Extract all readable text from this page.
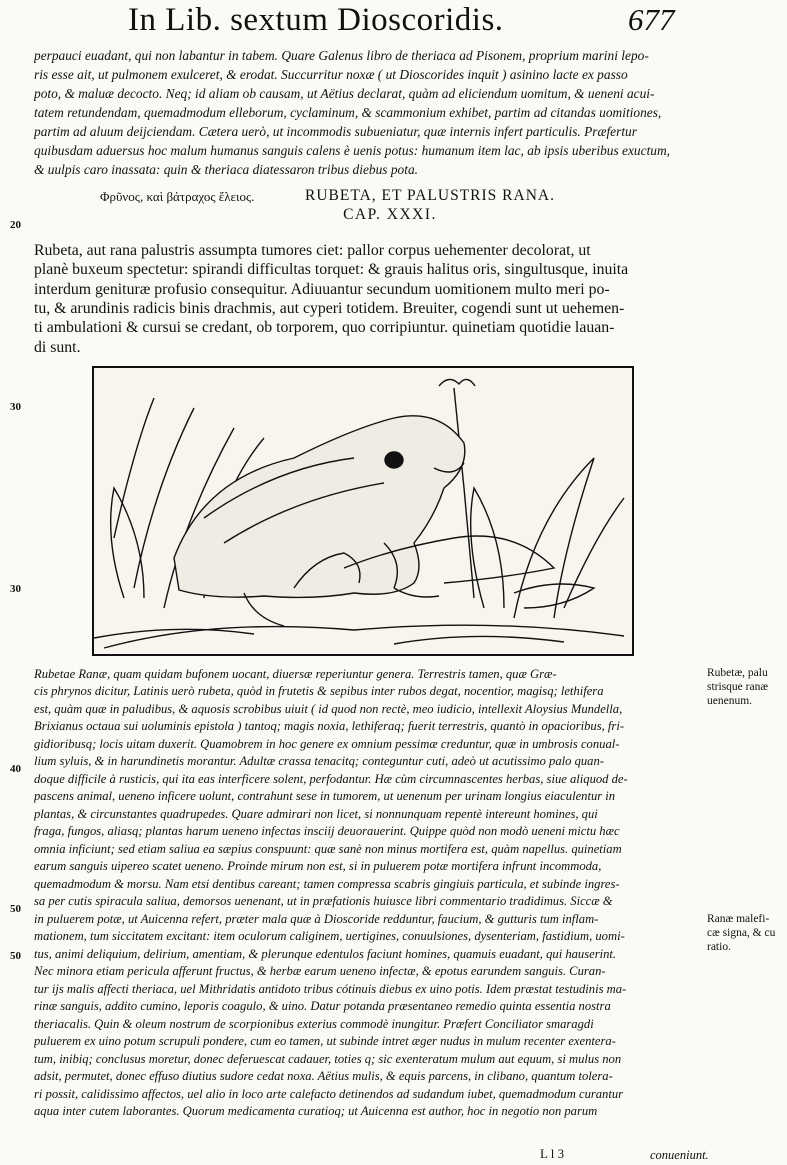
In Lib. sextum Dioscoridis.	677
perpauci euadant, qui non labantur in tabem. Quare Galenus libro de theriaca ad Pisonem, proprium marini lepo-
ris esse ait, ut pulmonem exulceret, & erodat. Succurritur noxæ ( ut Dioscorides inquit ) asinino lacte ex passo
poto, & maluæ decocto. Neq; id aliam ob causam, ut Aëtius declarat, quàm ad eliciendum uomitum, & ueneni acui-
tatem retundendam, quemadmodum elleborum, cyclaminum, & scammonium exhibet, partim ad citandas uomitiones,
partim ad aluum deijciendam. Cætera uerò, ut incommodis subueniatur, quæ internis infert particulis. Præfertur
quibusdam aduersus hoc malum humanus sanguis calens è uenis potus: humanum item lac, ab ipsis uberibus exuctum,
& uulpis caro inassata: quin & theriaca diatessaron tribus diebus pota.
Φρῦνος, καὶ βάτραχος ἕλειος.	RUBETA, ET PALUSTRIS RANA.
CAP. XXXI.
20
Rubeta, aut rana palustris assumpta tumores ciet: pallor corpus uehementer decolorat, ut
planè buxeum spectetur: spirandi difficultas torquet: & grauis halitus oris, singultusque, inuita
interdum genituræ profusio consequitur. Adiuuantur secundum uomitionem multo meri po-
tu, & arundinis radicis binis drachmis, aut cyperi totidem. Breuiter, cogendi sunt ut uehemen-
ti ambulationi & cursui se credant, ob torporem, quo corripiuntur. quinetiam quotidie lauan-
di sunt.
30
30
Rubetae Ranæ, quam quidam bufonem uocant, diuersæ reperiuntur genera. Terrestris tamen, quæ Græ-
cis phrynos dicitur, Latinis uerò rubeta, quòd in frutetis & sepibus inter rubos degat, nocentior, magisq; lethifera
est, quàm quæ in paludibus, & aquosis scrobibus uiuit ( id quod non rectè, meo iudicio, intellexit Aloysius Mundella,
Brixianus octaua sui uoluminis epistola ) tantoq; magis noxia, lethiferaq; fuerit terrestris, quantò in opacioribus, fri-
gidioribusq; locis uitam duxerit. Quamobrem in hoc genere ex omnium pessimæ creduntur, quæ in umbrosis conual-
lium syluis, & in harundinetis morantur. Adultæ crassa tenacitq; conteguntur cuti, adeò ut acutissimo palo quan-
doque difficile à rusticis, qui ita eas interficere solent, perfodantur. Hæ cùm circumnascentes herbas, siue aliquod de-
pascens animal, ueneno inficere uolunt, contrahunt sese in tumorem, ut uenenum per urinam longius eiaculentur in
plantas, & circunstantes quadrupedes. Quare admirari non licet, si nonnunquam repentè intereunt homines, qui
fraga, fungos, aliasq; plantas harum ueneno infectas insciij deuorauerint. Quippe quòd non modò ueneni mictu hæc
omnia inficiunt; sed etiam saliua ea sæpius conspuunt: quæ sanè non minus mortifera est, quàm napellus. quinetiam
earum sanguis uipereo scatet ueneno. Proinde mirum non est, si in puluerem potæ mortifera infrunt incommoda,
quemadmodum & morsu. Nam etsi dentibus careant; tamen compressa scabris gingiuis particula, et subinde ingres-
sa per cutis spiracula saliua, demorsos uenenant, ut in præfationis huiusce libri commentario tradidimus. Siccæ &
in puluerem potæ, ut Auicenna refert, præter mala quæ à Dioscoride redduntur, faucium, & gutturis tum inflam-
mationem, tum siccitatem excitant: item oculorum caliginem, uertigines, conuulsiones, dysenteriam, fastidium, uomi-
tus, animi deliquium, delirium, amentiam, & plerunque edentulos faciunt homines, quamuis euadant, qui hauserint.
Nec minora etiam pericula afferunt fructus, & herbæ earum ueneno infectæ, & epotus earundem sanguis. Curan-
tur ijs malis affecti theriaca, uel Mithridatis antidoto tribus cótinuis diebus ex uino potis. Idem præstat testudinis ma-
rinæ sanguis, addito cumino, leporis coagulo, & uino. Datur potanda præsentaneo remedio quinta essentia nostra
theriacalis. Quin & oleum nostrum de scorpionibus exterius commodè inungitur. Præfert Conciliator smaragdi
puluerem ex uino potum scrupuli pondere, cum eo tamen, ut subinde intret æger nudus in mulum recenter exentera-
tum, inibiq; conclusus moretur, donec deferuescat cadauer, toties q; sic exenteratum mulum aut equum, si mulus non
adsit, permutet, donec effuso diutius sudore cedat noxa. Aëtius mulis, & equis parcens, in clibano, quantum tolera-
ri possit, calidissimo affectos, uel alio in loco arte calefacto detinendos ad sudandum iubet, quemadmodum curantur
aqua inter cutem laborantes. Quorum medicamenta curatioq; ut Auicenna est author, hoc in negotio non parum
40
50
50
Rubetæ, palu
strisque ranæ
uenenum.
Ranæ malefi-
cæ signa, & cu
ratio.
L l 3	conueniunt.
